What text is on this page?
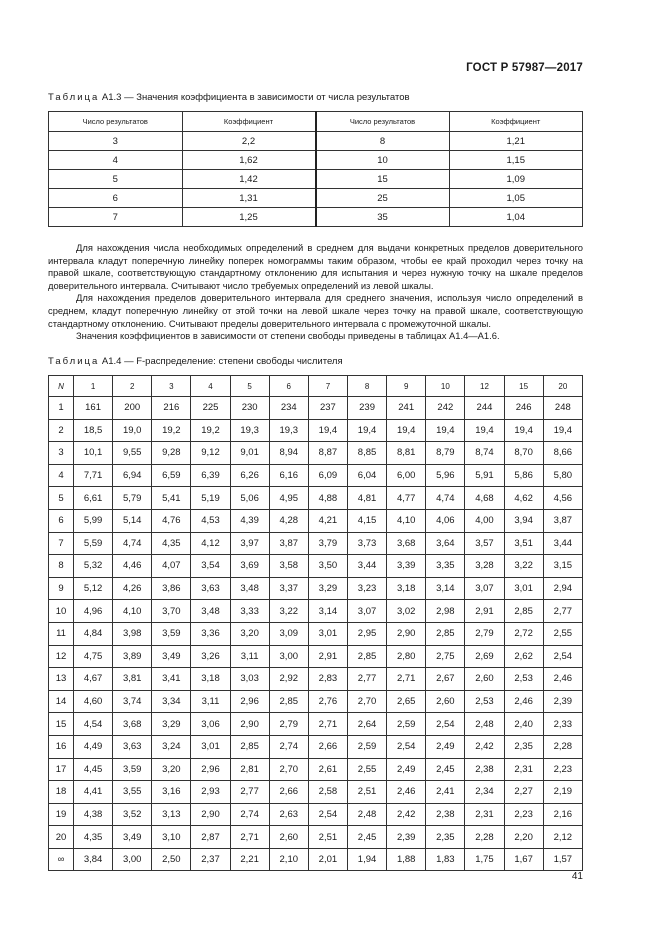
ГОСТ Р 57987—2017
Таблица А1.3 — Значения коэффициента в зависимости от числа результатов
Число результатов	Коэффициент	Число результатов	Коэффициент
3	2,2	8	1,21
4	1,62	10	1,15
5	1,42	15	1,09
6	1,31	25	1,05
7	1,25	35	1,04

Для нахождения числа необходимых определений в среднем для выдачи конкретных пределов доверительного интервала кладут поперечную линейку поперек номограммы таким образом, чтобы ее край проходил через точку на правой шкале, соответствующую стандартному отклонению для испытания и через нужную точку на шкале пределов доверительного интервала. Считывают число требуемых определений из левой шкалы.

Для нахождения пределов доверительного интервала для среднего значения, используя число определений в среднем, кладут поперечную линейку от этой точки на левой шкале через точку на правой шкале, соответствующую стандартному отклонению. Считывают пределы доверительного интервала с промежуточной шкалы.

Значения коэффициентов в зависимости от степени свободы приведены в таблицах А1.4—А1.6.

Таблица А1.4 — F-распределение: степени свободы числителя
N	1	2	3	4	5	6	7	8	9	10	12	15	20
1	161	200	216	225	230	234	237	239	241	242	244	246	248
2	18,5	19,0	19,2	19,2	19,3	19,3	19,4	19,4	19,4	19,4	19,4	19,4	19,4
3	10,1	9,55	9,28	9,12	9,01	8,94	8,87	8,85	8,81	8,79	8,74	8,70	8,66
4	7,71	6,94	6,59	6,39	6,26	6,16	6,09	6,04	6,00	5,96	5,91	5,86	5,80
5	6,61	5,79	5,41	5,19	5,06	4,95	4,88	4,81	4,77	4,74	4,68	4,62	4,56
6	5,99	5,14	4,76	4,53	4,39	4,28	4,21	4,15	4,10	4,06	4,00	3,94	3,87
7	5,59	4,74	4,35	4,12	3,97	3,87	3,79	3,73	3,68	3,64	3,57	3,51	3,44
8	5,32	4,46	4,07	3,54	3,69	3,58	3,50	3,44	3,39	3,35	3,28	3,22	3,15
9	5,12	4,26	3,86	3,63	3,48	3,37	3,29	3,23	3,18	3,14	3,07	3,01	2,94
10	4,96	4,10	3,70	3,48	3,33	3,22	3,14	3,07	3,02	2,98	2,91	2,85	2,77
11	4,84	3,98	3,59	3,36	3,20	3,09	3,01	2,95	2,90	2,85	2,79	2,72	2,55
12	4,75	3,89	3,49	3,26	3,11	3,00	2,91	2,85	2,80	2,75	2,69	2,62	2,54
13	4,67	3,81	3,41	3,18	3,03	2,92	2,83	2,77	2,71	2,67	2,60	2,53	2,46
14	4,60	3,74	3,34	3,11	2,96	2,85	2,76	2,70	2,65	2,60	2,53	2,46	2,39
15	4,54	3,68	3,29	3,06	2,90	2,79	2,71	2,64	2,59	2,54	2,48	2,40	2,33
16	4,49	3,63	3,24	3,01	2,85	2,74	2,66	2,59	2,54	2,49	2,42	2,35	2,28
17	4,45	3,59	3,20	2,96	2,81	2,70	2,61	2,55	2,49	2,45	2,38	2,31	2,23
18	4,41	3,55	3,16	2,93	2,77	2,66	2,58	2,51	2,46	2,41	2,34	2,27	2,19
19	4,38	3,52	3,13	2,90	2,74	2,63	2,54	2,48	2,42	2,38	2,31	2,23	2,16
20	4,35	3,49	3,10	2,87	2,71	2,60	2,51	2,45	2,39	2,35	2,28	2,20	2,12
∞	3,84	3,00	2,50	2,37	2,21	2,10	2,01	1,94	1,88	1,83	1,75	1,67	1,57
41
